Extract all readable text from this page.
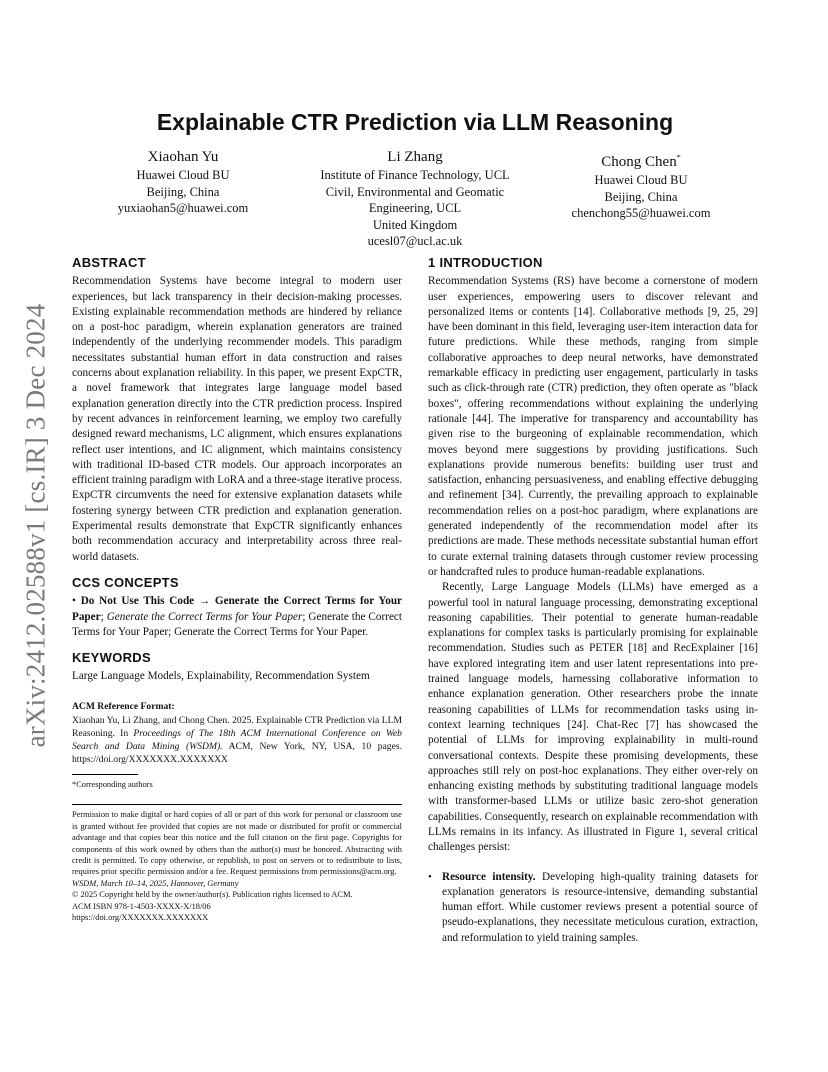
arXiv:2412.02588v1 [cs.IR] 3 Dec 2024
Explainable CTR Prediction via LLM Reasoning
Xiaohan Yu
Huawei Cloud BU
Beijing, China
yuxiaohan5@huawei.com
Li Zhang
Institute of Finance Technology, UCL
Civil, Environmental and Geomatic
Engineering, UCL
United Kingdom
ucesl07@ucl.ac.uk
Chong Chen*
Huawei Cloud BU
Beijing, China
chenchong55@huawei.com
ABSTRACT

Recommendation Systems have become integral to modern user experiences, but lack transparency in their decision-making processes. Existing explainable recommendation methods are hindered by reliance on a post-hoc paradigm, wherein explanation generators are trained independently of the underlying recommender models. This paradigm necessitates substantial human effort in data construction and raises concerns about explanation reliability. In this paper, we present ExpCTR, a novel framework that integrates large language model based explanation generation directly into the CTR prediction process. Inspired by recent advances in reinforcement learning, we employ two carefully designed reward mechanisms, LC alignment, which ensures explanations reflect user intentions, and IC alignment, which maintains consistency with traditional ID-based CTR models. Our approach incorporates an efficient training paradigm with LoRA and a three-stage iterative process. ExpCTR circumvents the need for extensive explanation datasets while fostering synergy between CTR prediction and explanation generation. Experimental results demonstrate that ExpCTR significantly enhances both recommendation accuracy and interpretability across three real-world datasets.

CCS CONCEPTS

• Do Not Use This Code → Generate the Correct Terms for Your Paper; Generate the Correct Terms for Your Paper; Generate the Correct Terms for Your Paper; Generate the Correct Terms for Your Paper.

KEYWORDS

Large Language Models, Explainability, Recommendation System

ACM Reference Format:

Xiaohan Yu, Li Zhang, and Chong Chen. 2025. Explainable CTR Prediction via LLM Reasoning. In Proceedings of The 18th ACM International Conference on Web Search and Data Mining (WSDM). ACM, New York, NY, USA, 10 pages. https://doi.org/XXXXXXX.XXXXXXX

*Corresponding authors

Permission to make digital or hard copies of all or part of this work for personal or classroom use is granted without fee provided that copies are not made or distributed for profit or commercial advantage and that copies bear this notice and the full citation on the first page. Copyrights for components of this work owned by others than the author(s) must be honored. Abstracting with credit is permitted. To copy otherwise, or republish, to post on servers or to redistribute to lists, requires prior specific permission and/or a fee. Request permissions from permissions@acm.org.

WSDM, March 10–14, 2025, Hannover, Germany
© 2025 Copyright held by the owner/author(s). Publication rights licensed to ACM.
ACM ISBN 978-1-4503-XXXX-X/18/06
https://doi.org/XXXXXXX.XXXXXXX
1 INTRODUCTION

Recommendation Systems (RS) have become a cornerstone of modern user experiences, empowering users to discover relevant and personalized items or contents [14]. Collaborative methods [9, 25, 29] have been dominant in this field, leveraging user-item interaction data for future predictions. While these methods, ranging from simple collaborative approaches to deep neural networks, have demonstrated remarkable efficacy in predicting user engagement, particularly in tasks such as click-through rate (CTR) prediction, they often operate as "black boxes", offering recommendations without explaining the underlying rationale [44]. The imperative for transparency and accountability has given rise to the burgeoning of explainable recommendation, which moves beyond mere suggestions by providing justifications. Such explanations provide numerous benefits: building user trust and satisfaction, enhancing persuasiveness, and enabling effective debugging and refinement [34]. Currently, the prevailing approach to explainable recommendation relies on a post-hoc paradigm, where explanations are generated independently of the recommendation model after its predictions are made. These methods necessitate substantial human effort to curate external training datasets through customer review processing or handcrafted rules to produce human-readable explanations.

Recently, Large Language Models (LLMs) have emerged as a powerful tool in natural language processing, demonstrating exceptional reasoning capabilities. Their potential to generate human-readable explanations for complex tasks is particularly promising for explainable recommendation. Studies such as PETER [18] and RecExplainer [16] have explored integrating item and user latent representations into pre-trained language models, harnessing collaborative information to enhance explanation generation. Other researchers probe the innate reasoning capabilities of LLMs for recommendation tasks using in-context learning techniques [24]. Chat-Rec [7] has showcased the potential of LLMs for improving explainability in multi-round conversational contexts. Despite these promising developments, these approaches still rely on post-hoc explanations. They either over-rely on enhancing existing methods by substituting traditional language models with transformer-based LLMs or utilize basic zero-shot generation capabilities. Consequently, research on explainable recommendation with LLMs remains in its infancy. As illustrated in Figure 1, several critical challenges persist:

• Resource intensity. Developing high-quality training datasets for explanation generators is resource-intensive, demanding substantial human effort. While customer reviews present a potential source of pseudo-explanations, they necessitate meticulous curation, extraction, and reformulation to yield training samples.
